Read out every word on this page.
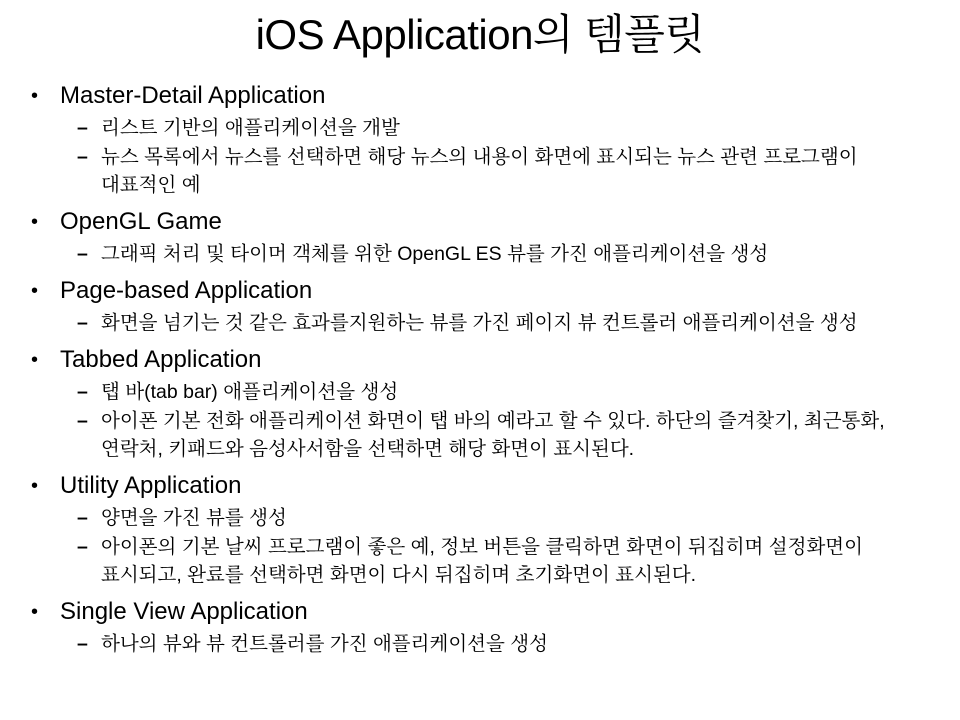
iOS Application의 템플릿
• Master-Detail Application
– 리스트 기반의 애플리케이션을 개발
– 뉴스 목록에서 뉴스를 선택하면 해당 뉴스의 내용이 화면에 표시되는 뉴스 관련 프로그램이 대표적인 예
• OpenGL Game
– 그래픽 처리 및 타이머 객체를 위한 OpenGL ES 뷰를 가진 애플리케이션을 생성
• Page-based Application
– 화면을 넘기는 것 같은 효과를지원하는 뷰를 가진 페이지 뷰 컨트롤러 애플리케이션을 생성
• Tabbed Application
– 탭 바(tab bar) 애플리케이션을 생성
– 아이폰 기본 전화 애플리케이션 화면이 탭 바의 예라고 할 수 있다. 하단의 즐겨찾기, 최근통화, 연락처, 키패드와 음성사서함을 선택하면 해당 화면이 표시된다.
• Utility Application
– 양면을 가진 뷰를 생성
– 아이폰의 기본 날씨 프로그램이 좋은 예, 정보 버튼을 클릭하면 화면이 뒤집히며 설정화면이 표시되고, 완료를 선택하면 화면이 다시 뒤집히며 초기화면이 표시된다.
• Single View Application
– 하나의 뷰와 뷰 컨트롤러를 가진 애플리케이션을 생성
